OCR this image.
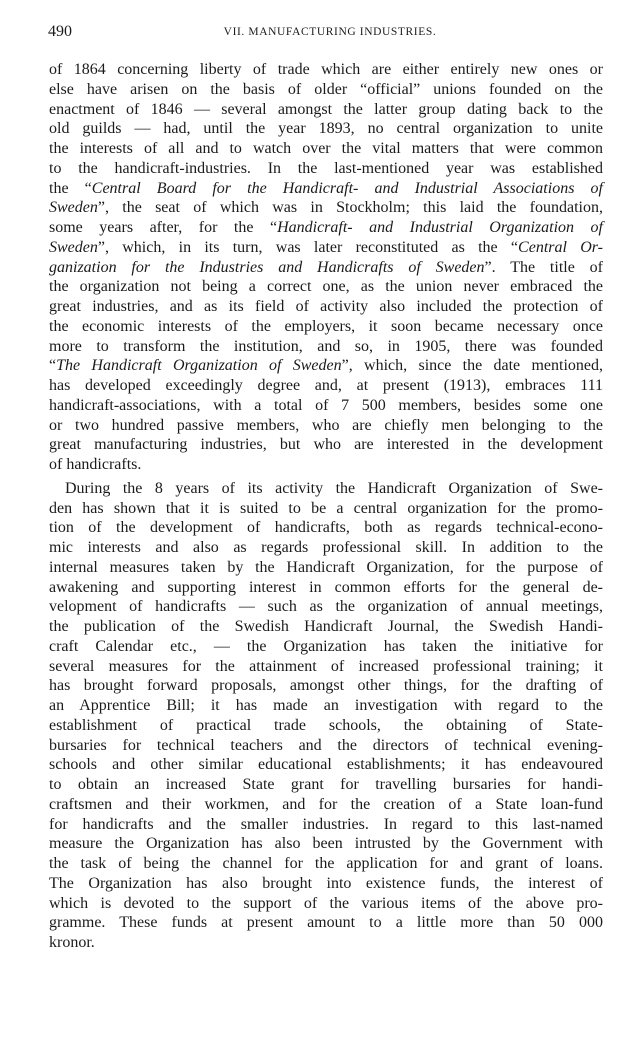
490	VII. MANUFACTURING INDUSTRIES.
of 1864 concerning liberty of trade which are either entirely new ones or
else have arisen on the basis of older “official” unions founded on the
enactment of 1846 — several amongst the latter group dating back to the
old guilds — had, until the year 1893, no central organization to unite
the interests of all and to watch over the vital matters that were common
to the handicraft-industries. In the last-mentioned year was established
the “Central Board for the Handicraft- and Industrial Associations of
Sweden”, the seat of which was in Stockholm; this laid the foundation,
some years after, for the “Handicraft- and Industrial Organization of
Sweden”, which, in its turn, was later reconstituted as the “Central Or-
ganization for the Industries and Handicrafts of Sweden”. The title of
the organization not being a correct one, as the union never embraced the
great industries, and as its field of activity also included the protection of
the economic interests of the employers, it soon became necessary once
more to transform the institution, and so, in 1905, there was founded
“The Handicraft Organization of Sweden”, which, since the date mentioned,
has developed exceedingly degree and, at present (1913), embraces 111
handicraft-associations, with a total of 7 500 members, besides some one
or two hundred passive members, who are chiefly men belonging to the
great manufacturing industries, but who are interested in the development
of handicrafts.
During the 8 years of its activity the Handicraft Organization of Swe-
den has shown that it is suited to be a central organization for the promo-
tion of the development of handicrafts, both as regards technical-econo-
mic interests and also as regards professional skill. In addition to the
internal measures taken by the Handicraft Organization, for the purpose of
awakening and supporting interest in common efforts for the general de-
velopment of handicrafts — such as the organization of annual meetings,
the publication of the Swedish Handicraft Journal, the Swedish Handi-
craft Calendar etc., — the Organization has taken the initiative for
several measures for the attainment of increased professional training; it
has brought forward proposals, amongst other things, for the drafting of
an Apprentice Bill; it has made an investigation with regard to the
establishment of practical trade schools, the obtaining of State-
bursaries for technical teachers and the directors of technical evening-
schools and other similar educational establishments; it has endeavoured
to obtain an increased State grant for travelling bursaries for handi-
craftsmen and their workmen, and for the creation of a State loan-fund
for handicrafts and the smaller industries. In regard to this last-named
measure the Organization has also been intrusted by the Government with
the task of being the channel for the application for and grant of loans.
The Organization has also brought into existence funds, the interest of
which is devoted to the support of the various items of the above pro-
gramme. These funds at present amount to a little more than 50 000
kronor.
